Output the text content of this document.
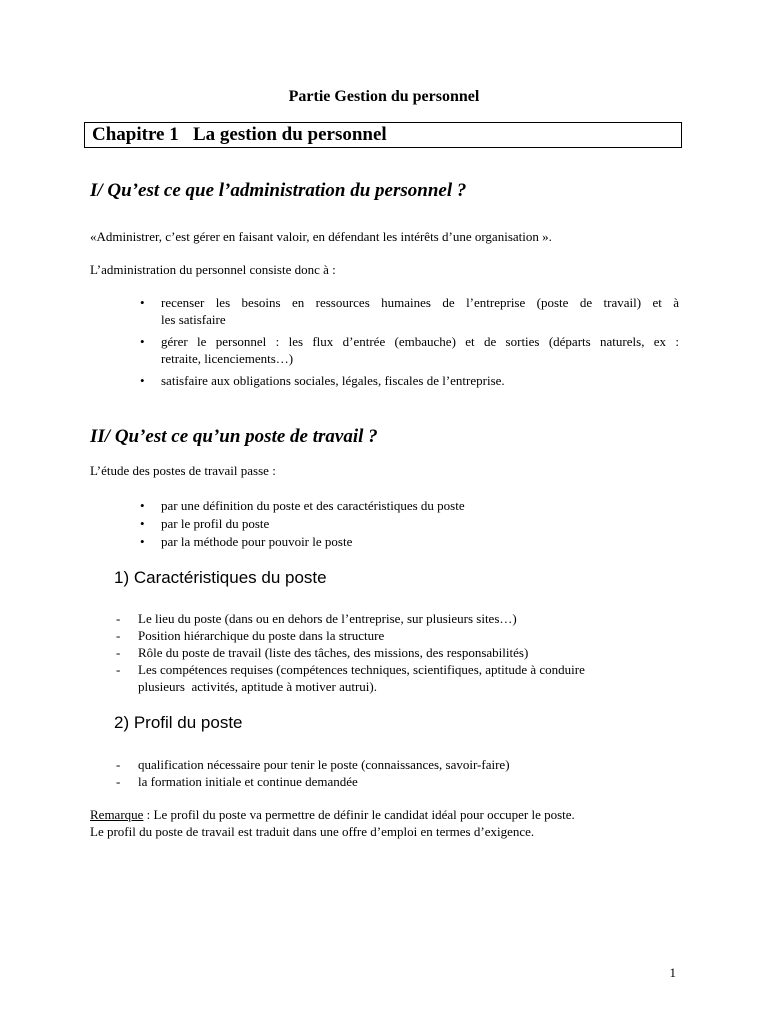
Partie Gestion du personnel
Chapitre 1   La gestion du personnel
I/ Qu’est ce que l’administration du personnel ?
«Administrer, c’est gérer en faisant valoir, en défendant les intérêts d’une organisation ».
L’administration du personnel consiste donc à :
• recenser les besoins en ressources humaines de l’entreprise (poste de travail) et à
les satisfaire
• gérer le personnel : les flux d’entrée (embauche) et de sorties (départs naturels, ex :
retraite, licenciements…)
• satisfaire aux obligations sociales, légales, fiscales de l’entreprise.
II/ Qu’est ce qu’un poste de travail ?
L’étude des postes de travail passe :
• par une définition du poste et des caractéristiques du poste
• par le profil du poste
• par la méthode pour pouvoir le poste
1) Caractéristiques du poste
- Le lieu du poste (dans ou en dehors de l’entreprise, sur plusieurs sites…)
- Position hiérarchique du poste dans la structure
- Rôle du poste de travail (liste des tâches, des missions, des responsabilités)
- Les compétences requises (compétences techniques, scientifiques, aptitude à conduire
plusieurs  activités, aptitude à motiver autrui).
2) Profil du poste
- qualification nécessaire pour tenir le poste (connaissances, savoir-faire)
- la formation initiale et continue demandée
Remarque : Le profil du poste va permettre de définir le candidat idéal pour occuper le poste.
Le profil du poste de travail est traduit dans une offre d’emploi en termes d’exigence.
1
